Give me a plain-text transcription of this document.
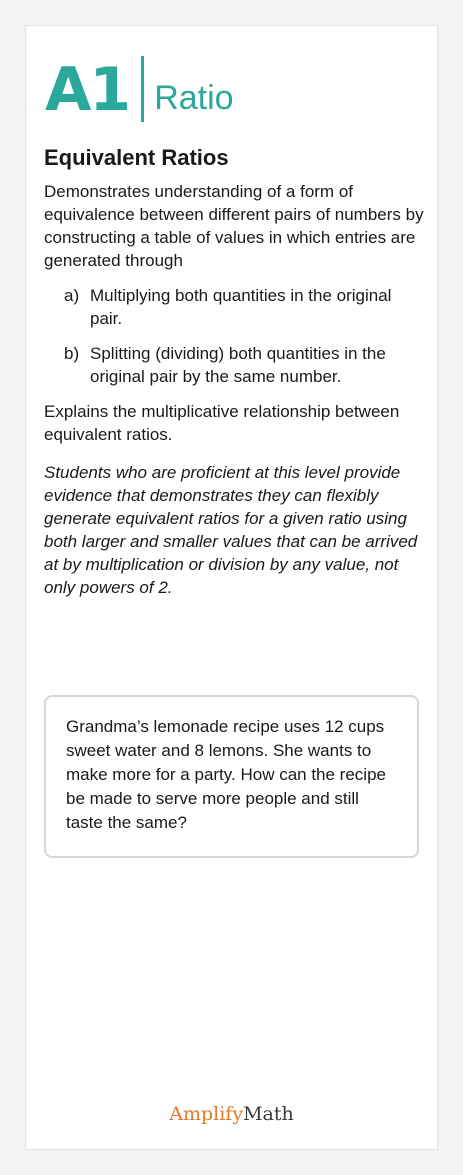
A1 Ratio
Equivalent Ratios

Demonstrates understanding of a form of equivalence between different pairs of numbers by constructing a table of values in which entries are generated through

a) Multiplying both quantities in the original pair.
b) Splitting (dividing) both quantities in the original pair by the same number.

Explains the multiplicative relationship between equivalent ratios.

Students who are proficient at this level provide evidence that demonstrates they can flexibly generate equivalent ratios for a given ratio using both larger and smaller values that can be arrived at by multiplication or division by any value, not only powers of 2.

Grandma’s lemonade recipe uses 12 cups sweet water and 8 lemons. She wants to make more for a party. How can the recipe be made to serve more people and still taste the same?

AmplifyMath
